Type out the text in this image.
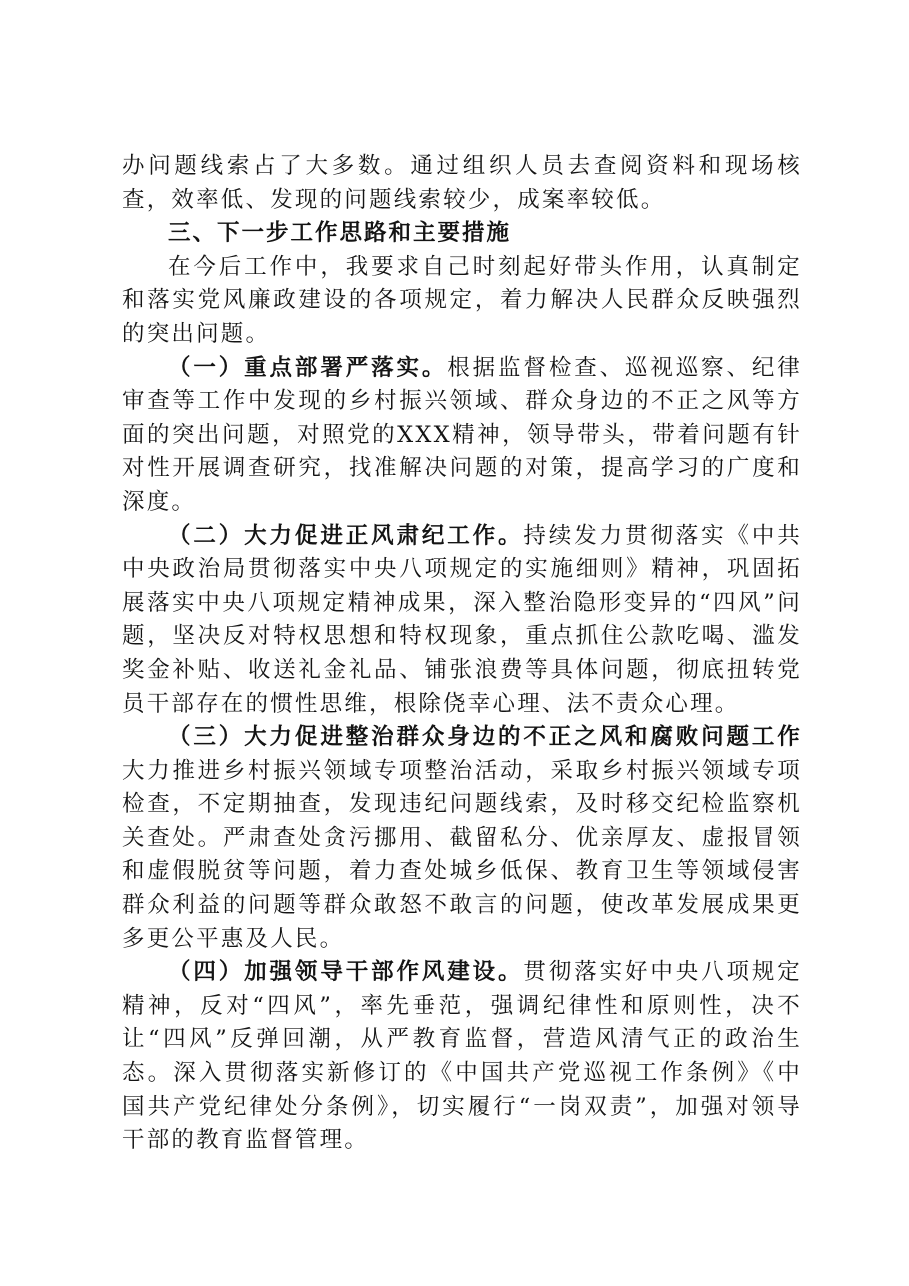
办问题线索占了大多数。通过组织人员去查阅资料和现场核查，效率低、发现的问题线索较少，成案率较低。

三、下一步工作思路和主要措施

在今后工作中，我要求自己时刻起好带头作用，认真制定和落实党风廉政建设的各项规定，着力解决人民群众反映强烈的突出问题。

（一）重点部署严落实。根据监督检查、巡视巡察、纪律审查等工作中发现的乡村振兴领域、群众身边的不正之风等方面的突出问题，对照党的XXX精神，领导带头，带着问题有针对性开展调查研究，找准解决问题的对策，提高学习的广度和深度。

（二）大力促进正风肃纪工作。持续发力贯彻落实《中共中央政治局贯彻落实中央八项规定的实施细则》精神，巩固拓展落实中央八项规定精神成果，深入整治隐形变异的“四风”问题，坚决反对特权思想和特权现象，重点抓住公款吃喝、滥发奖金补贴、收送礼金礼品、铺张浪费等具体问题，彻底扭转党员干部存在的惯性思维，根除侥幸心理、法不责众心理。

（三）大力促进整治群众身边的不正之风和腐败问题工作大力推进乡村振兴领域专项整治活动，采取乡村振兴领域专项检查，不定期抽查，发现违纪问题线索，及时移交纪检监察机关查处。严肃查处贪污挪用、截留私分、优亲厚友、虚报冒领和虚假脱贫等问题，着力查处城乡低保、教育卫生等领域侵害群众利益的问题等群众敢怒不敢言的问题，使改革发展成果更多更公平惠及人民。

（四）加强领导干部作风建设。贯彻落实好中央八项规定精神，反对“四风”，率先垂范，强调纪律性和原则性，决不让“四风”反弹回潮，从严教育监督，营造风清气正的政治生态。深入贯彻落实新修订的《中国共产党巡视工作条例》《中国共产党纪律处分条例》，切实履行“一岗双责”，加强对领导干部的教育监督管理。
